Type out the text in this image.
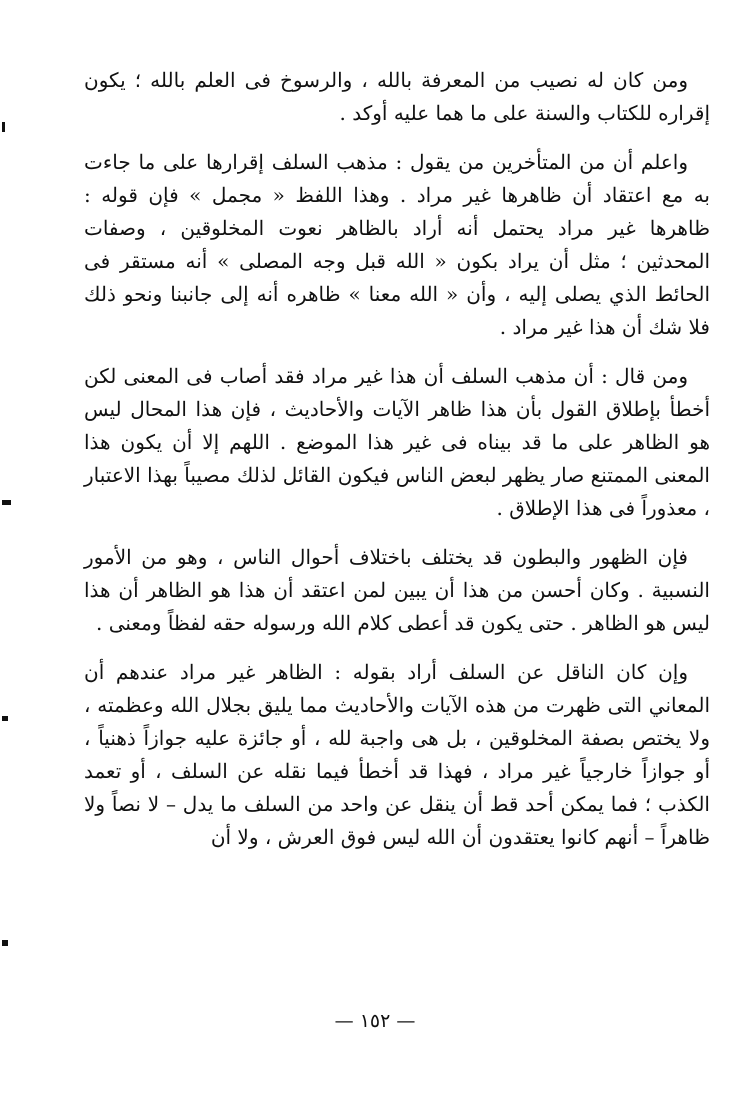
ومن كان له نصيب من المعرفة بالله ، والرسوخ فى العلم بالله ؛ يكون إقراره للكتاب والسنة على ما هما عليه أوكد .

واعلم أن من المتأخرين من يقول : مذهب السلف إقرارها على ما جاءت به مع اعتقاد أن ظاهرها غير مراد . وهذا اللفظ « مجمل » فإن قوله : ظاهرها غير مراد يحتمل أنه أراد بالظاهر نعوت المخلوقين ، وصفات المحدثين ؛ مثل أن يراد بكون « الله قبل وجه المصلى » أنه مستقر فى الحائط الذي يصلى إليه ، وأن « الله معنا » ظاهره أنه إلى جانبنا ونحو ذلك فلا شك أن هذا غير مراد .

ومن قال : أن مذهب السلف أن هذا غير مراد فقد أصاب فى المعنى لكن أخطأ بإطلاق القول بأن هذا ظاهر الآيات والأحاديث ، فإن هذا المحال ليس هو الظاهر على ما قد بيناه فى غير هذا الموضع . اللهم إلا أن يكون هذا المعنى الممتنع صار يظهر لبعض الناس فيكون القائل لذلك مصيباً بهذا الاعتبار ، معذوراً فى هذا الإطلاق .

فإن الظهور والبطون قد يختلف باختلاف أحوال الناس ، وهو من الأمور النسبية . وكان أحسن من هذا أن يبين لمن اعتقد أن هذا هو الظاهر أن هذا ليس هو الظاهر . حتى يكون قد أعطى كلام الله ورسوله حقه لفظاً ومعنى .

وإن كان الناقل عن السلف أراد بقوله : الظاهر غير مراد عندهم أن المعاني التى ظهرت من هذه الآيات والأحاديث مما يليق بجلال الله وعظمته ، ولا يختص بصفة المخلوقين ، بل هى واجبة لله ، أو جائزة عليه جوازاً ذهنياً ، أو جوازاً خارجياً غير مراد ، فهذا قد أخطأ فيما نقله عن السلف ، أو تعمد الكذب ؛ فما يمكن أحد قط أن ينقل عن واحد من السلف ما يدل – لا نصاً ولا ظاهراً – أنهم كانوا يعتقدون أن الله ليس فوق العرش ، ولا أن

— ١٥٢ —
